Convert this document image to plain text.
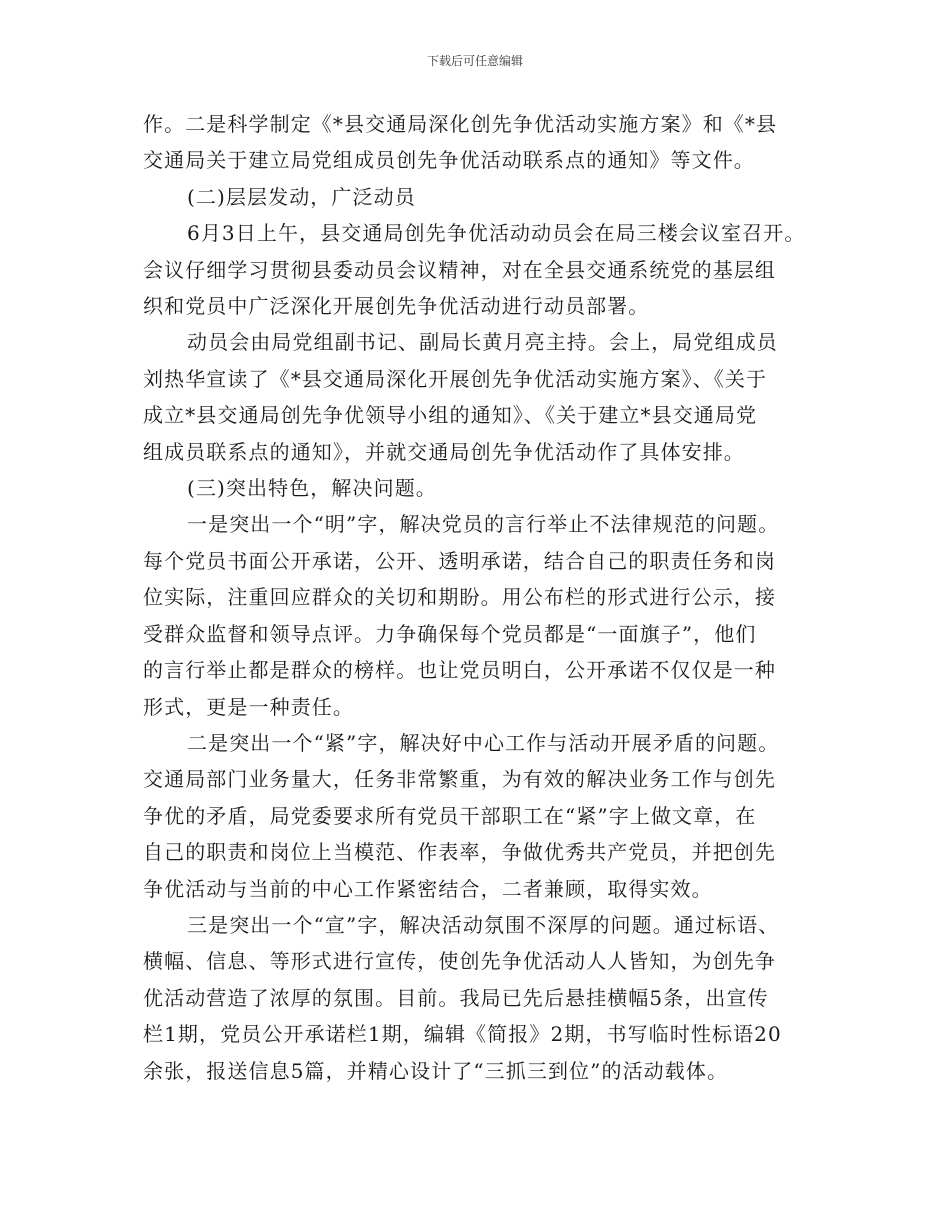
下载后可任意编辑

作。二是科学制定《*县交通局深化创先争优活动实施方案》和《*县
交通局关于建立局党组成员创先争优活动联系点的通知》等文件。

(二)层层发动，广泛动员

6月3日上午，县交通局创先争优活动动员会在局三楼会议室召开。
会议仔细学习贯彻县委动员会议精神，对在全县交通系统党的基层组
织和党员中广泛深化开展创先争优活动进行动员部署。

动员会由局党组副书记、副局长黄月亮主持。会上，局党组成员
刘热华宣读了《*县交通局深化开展创先争优活动实施方案》、《关于
成立*县交通局创先争优领导小组的通知》、《关于建立*县交通局党
组成员联系点的通知》，并就交通局创先争优活动作了具体安排。

(三)突出特色，解决问题。

一是突出一个“明”字，解决党员的言行举止不法律规范的问题。
每个党员书面公开承诺，公开、透明承诺，结合自己的职责任务和岗
位实际，注重回应群众的关切和期盼。用公布栏的形式进行公示，接
受群众监督和领导点评。力争确保每个党员都是“一面旗子”，他们
的言行举止都是群众的榜样。也让党员明白，公开承诺不仅仅是一种
形式，更是一种责任。

二是突出一个“紧”字，解决好中心工作与活动开展矛盾的问题。
交通局部门业务量大，任务非常繁重，为有效的解决业务工作与创先
争优的矛盾，局党委要求所有党员干部职工在“紧”字上做文章，在
自己的职责和岗位上当模范、作表率，争做优秀共产党员，并把创先
争优活动与当前的中心工作紧密结合，二者兼顾，取得实效。

三是突出一个“宣”字，解决活动氛围不深厚的问题。通过标语、
横幅、信息、等形式进行宣传，使创先争优活动人人皆知，为创先争
优活动营造了浓厚的氛围。目前。我局已先后悬挂横幅5条，出宣传
栏1期，党员公开承诺栏1期，编辑《简报》2期，书写临时性标语20
余张，报送信息5篇，并精心设计了“三抓三到位”的活动载体。
